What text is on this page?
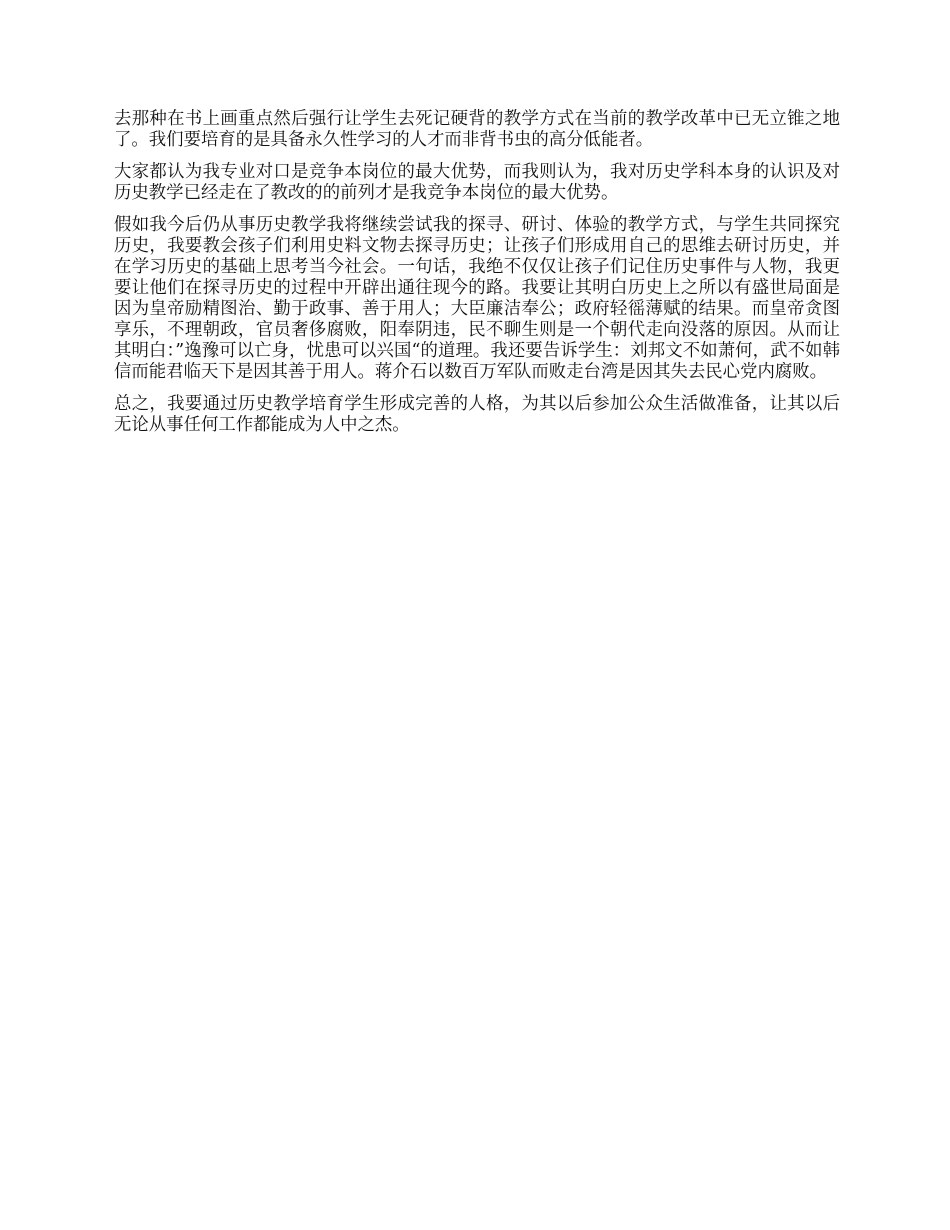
去那种在书上画重点然后强行让学生去死记硬背的教学方式在当前的教学改革中已无立锥之地了。我们要培育的是具备永久性学习的人才而非背书虫的高分低能者。

大家都认为我专业对口是竞争本岗位的最大优势，而我则认为，我对历史学科本身的认识及对历史教学已经走在了教改的的前列才是我竞争本岗位的最大优势。

假如我今后仍从事历史教学我将继续尝试我的探寻、研讨、体验的教学方式，与学生共同探究历史，我要教会孩子们利用史料文物去探寻历史；让孩子们形成用自己的思维去研讨历史，并在学习历史的基础上思考当今社会。一句话，我绝不仅仅让孩子们记住历史事件与人物，我更要让他们在探寻历史的过程中开辟出通往现今的路。我要让其明白历史上之所以有盛世局面是因为皇帝励精图治、勤于政事、善于用人；大臣廉洁奉公；政府轻徭薄赋的结果。而皇帝贪图享乐，不理朝政，官员奢侈腐败，阳奉阴违，民不聊生则是一个朝代走向没落的原因。从而让其明白：”逸豫可以亡身，忧患可以兴国“的道理。我还要告诉学生：刘邦文不如萧何，武不如韩信而能君临天下是因其善于用人。蒋介石以数百万军队而败走台湾是因其失去民心党内腐败。

总之，我要通过历史教学培育学生形成完善的人格，为其以后参加公众生活做准备，让其以后无论从事任何工作都能成为人中之杰。
